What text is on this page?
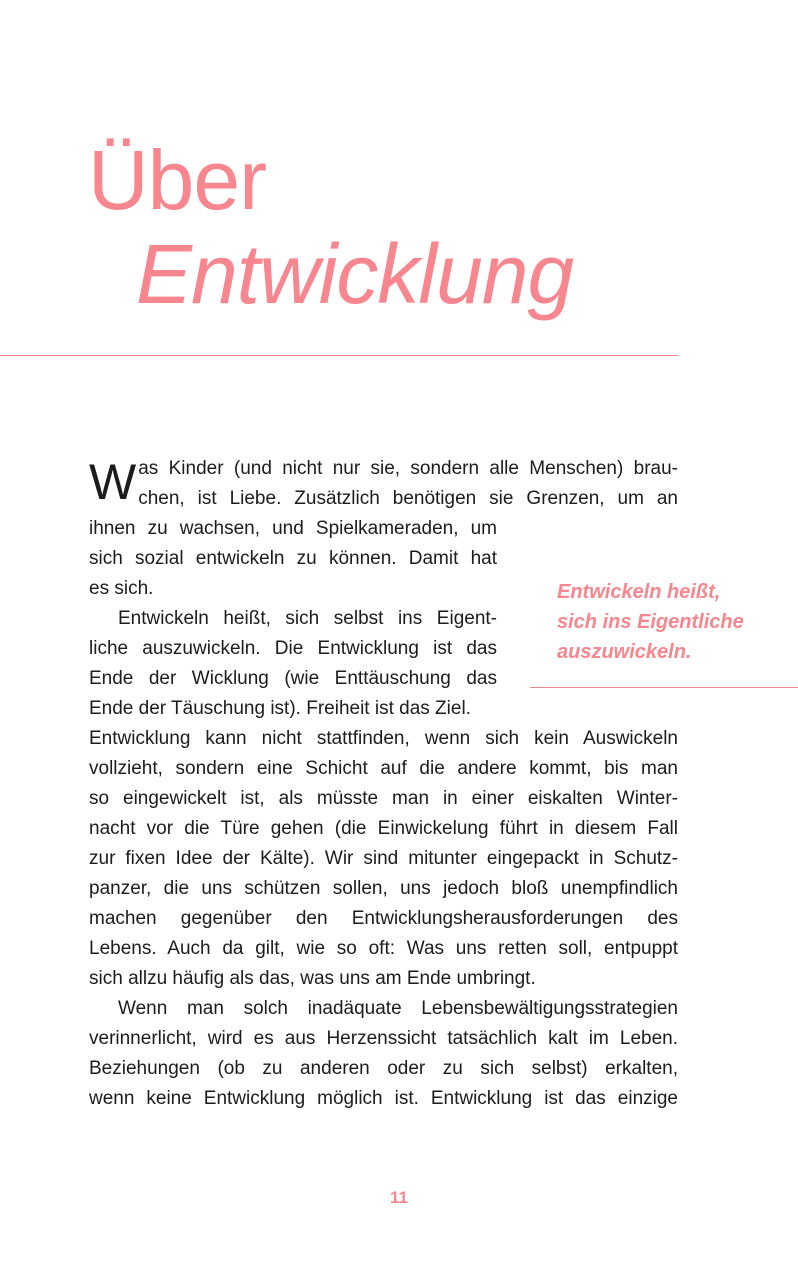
Über
Entwicklung
W as Kinder (und nicht nur sie, sondern alle Menschen) brau-
chen, ist Liebe. Zusätzlich benötigen sie Grenzen, um an
ihnen zu wachsen, und Spielkameraden, um
sich sozial entwickeln zu können. Damit hat
es sich.
Entwickeln heißt, sich selbst ins Eigent-
liche auszuwickeln. Die Entwicklung ist das
Ende der Wicklung (wie Enttäuschung das
Ende der Täuschung ist). Freiheit ist das Ziel.
Entwicklung kann nicht stattfinden, wenn sich kein Auswickeln
vollzieht, sondern eine Schicht auf die andere kommt, bis man
so eingewickelt ist, als müsste man in einer eiskalten Winter-
nacht vor die Türe gehen (die Einwickelung führt in diesem Fall
zur fixen Idee der Kälte). Wir sind mitunter eingepackt in Schutz-
panzer, die uns schützen sollen, uns jedoch bloß unempfindlich
machen gegenüber den Entwicklungsherausforderungen des
Lebens. Auch da gilt, wie so oft: Was uns retten soll, entpuppt
sich allzu häufig als das, was uns am Ende umbringt.
Wenn man solch inadäquate Lebensbewältigungsstrategien
verinnerlicht, wird es aus Herzenssicht tatsächlich kalt im Leben.
Beziehungen (ob zu anderen oder zu sich selbst) erkalten,
wenn keine Entwicklung möglich ist. Entwicklung ist das einzige
Entwickeln heißt,
sich ins Eigentliche
auszuwickeln.
11
